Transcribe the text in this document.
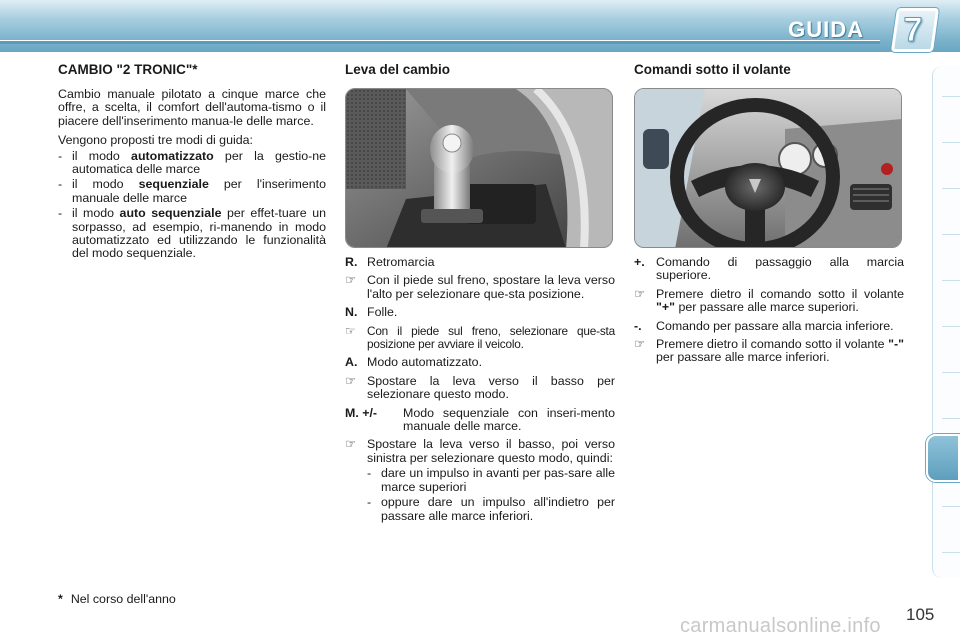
GUIDA 7
CAMBIO "2 TRONIC"*

Cambio manuale pilotato a cinque marce che offre, a scelta, il comfort dell'automa-tismo o il piacere dell'inserimento manua-le delle marce.

Vengono proposti tre modi di guida:

- il modo automatizzato per la gestio-ne automatica delle marce
- il modo sequenziale per l'inserimento manuale delle marce
- il modo auto sequenziale per effet-tuare un sorpasso, ad esempio, ri-manendo in modo automatizzato ed utilizzando le funzionalità del modo sequenziale.
Leva del cambio
R. Retromarcia
☞ Con il piede sul freno, spostare la leva verso l'alto per selezionare que-sta posizione.
N. Folle.
☞ Con il piede sul freno, selezionare que-sta posizione per avviare il veicolo.
A. Modo automatizzato.
☞ Spostare la leva verso il basso per selezionare questo modo.
M. +/- Modo sequenziale con inseri-mento manuale delle marce.
☞ Spostare la leva verso il basso, poi verso sinistra per selezionare questo modo, quindi:
- dare un impulso in avanti per pas-sare alle marce superiori
- oppure dare un impulso all'indietro per passare alle marce inferiori.
Comandi sotto il volante
+. Comando di passaggio alla marcia superiore.
☞ Premere dietro il comando sotto il volante "+" per passare alle marce superiori.
-. Comando per passare alla marcia inferiore.
☞ Premere dietro il comando sotto il volante "-" per passare alle marce inferiori.
* Nel corso dell'anno
105
carmanualsonline.info
